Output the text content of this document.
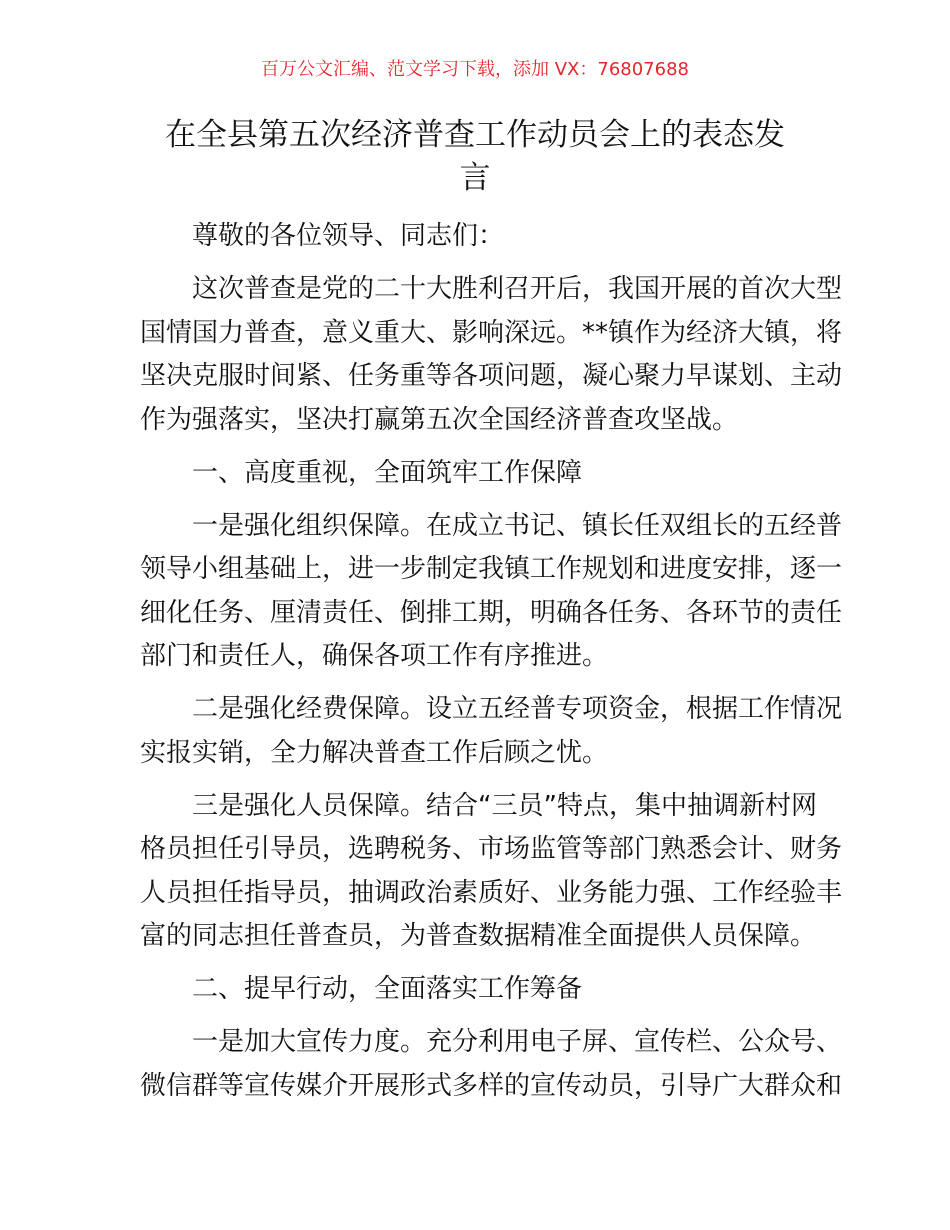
百万公文汇编、范文学习下载，添加 VX：76807688
在全县第五次经济普查工作动员会上的表态发
言
尊敬的各位领导、同志们：
这次普查是党的二十大胜利召开后，我国开展的首次大型
国情国力普查，意义重大、影响深远。**镇作为经济大镇，将
坚决克服时间紧、任务重等各项问题，凝心聚力早谋划、主动
作为强落实，坚决打赢第五次全国经济普查攻坚战。
一、高度重视，全面筑牢工作保障
一是强化组织保障。在成立书记、镇长任双组长的五经普
领导小组基础上，进一步制定我镇工作规划和进度安排，逐一
细化任务、厘清责任、倒排工期，明确各任务、各环节的责任
部门和责任人，确保各项工作有序推进。
二是强化经费保障。设立五经普专项资金，根据工作情况
实报实销，全力解决普查工作后顾之忧。
三是强化人员保障。结合“三员”特点，集中抽调新村网
格员担任引导员，选聘税务、市场监管等部门熟悉会计、财务
人员担任指导员，抽调政治素质好、业务能力强、工作经验丰
富的同志担任普查员，为普查数据精准全面提供人员保障。
二、提早行动，全面落实工作筹备
一是加大宣传力度。充分利用电子屏、宣传栏、公众号、
微信群等宣传媒介开展形式多样的宣传动员，引导广大群众和
